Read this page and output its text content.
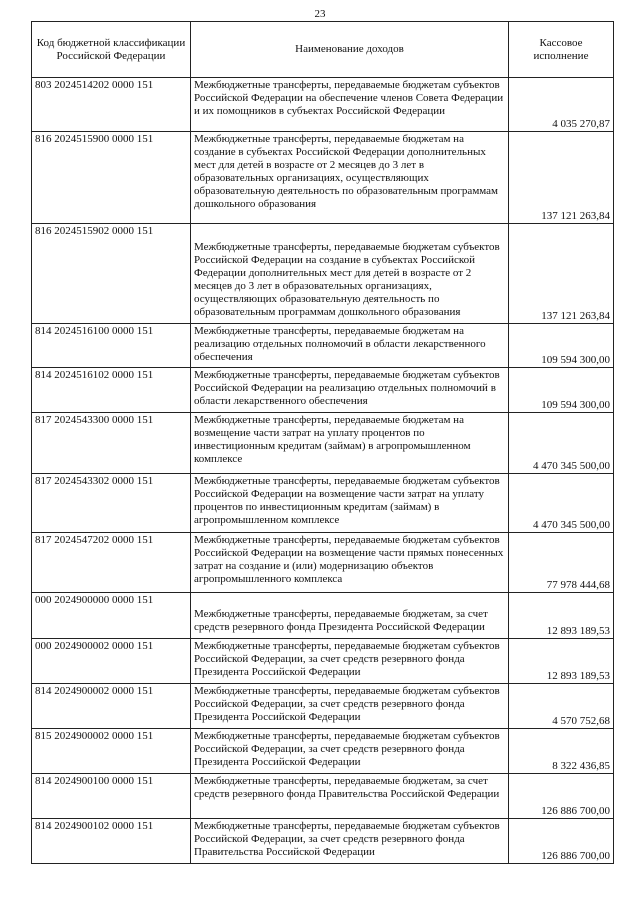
23
Код бюджетной классификации Российской Федерации	Наименование доходов	Кассовое исполнение
803 2024514202 0000 151	Межбюджетные трансферты, передаваемые бюджетам субъектов Российской Федерации на обеспечение членов Совета Федерации и их помощников в субъектах Российской Федерации	4 035 270,87
816 2024515900 0000 151	Межбюджетные трансферты, передаваемые бюджетам на создание в субъектах Российской Федерации дополнительных мест для детей в возрасте от 2 месяцев до 3 лет в образовательных организациях, осуществляющих образовательную деятельность по образовательным программам дошкольного образования	137 121 263,84
816 2024515902 0000 151	Межбюджетные трансферты, передаваемые бюджетам субъектов Российской Федерации на создание в субъектах Российской Федерации дополнительных мест для детей в возрасте от 2 месяцев до 3 лет в образовательных организациях, осуществляющих образовательную деятельность по образовательным программам дошкольного образования	137 121 263,84
814 2024516100 0000 151	Межбюджетные трансферты, передаваемые бюджетам на реализацию отдельных полномочий в области лекарственного обеспечения	109 594 300,00
814 2024516102 0000 151	Межбюджетные трансферты, передаваемые бюджетам субъектов Российской Федерации на реализацию отдельных полномочий в области лекарственного обеспечения	109 594 300,00
817 2024543300 0000 151	Межбюджетные трансферты, передаваемые бюджетам на возмещение части затрат на уплату процентов по инвестиционным кредитам (займам) в агропромышленном комплексе	4 470 345 500,00
817 2024543302 0000 151	Межбюджетные трансферты, передаваемые бюджетам субъектов Российской Федерации на возмещение части затрат на уплату процентов по инвестиционным кредитам (займам) в агропромышленном комплексе	4 470 345 500,00
817 2024547202 0000 151	Межбюджетные трансферты, передаваемые бюджетам субъектов Российской Федерации на возмещение части прямых понесенных затрат на создание и (или) модернизацию объектов агропромышленного комплекса	77 978 444,68
000 2024900000 0000 151	Межбюджетные трансферты, передаваемые бюджетам, за счет средств резервного фонда Президента Российской Федерации	12 893 189,53
000 2024900002 0000 151	Межбюджетные трансферты, передаваемые бюджетам субъектов Российской Федерации, за счет средств резервного фонда Президента Российской Федерации	12 893 189,53
814 2024900002 0000 151	Межбюджетные трансферты, передаваемые бюджетам субъектов Российской Федерации, за счет средств резервного фонда Президента Российской Федерации	4 570 752,68
815 2024900002 0000 151	Межбюджетные трансферты, передаваемые бюджетам субъектов Российской Федерации, за счет средств резервного фонда Президента Российской Федерации	8 322 436,85
814 2024900100 0000 151	Межбюджетные трансферты, передаваемые бюджетам, за счет средств резервного фонда Правительства Российской Федерации	126 886 700,00
814 2024900102 0000 151	Межбюджетные трансферты, передаваемые бюджетам субъектов Российской Федерации, за счет средств резервного фонда Правительства Российской Федерации	126 886 700,00
